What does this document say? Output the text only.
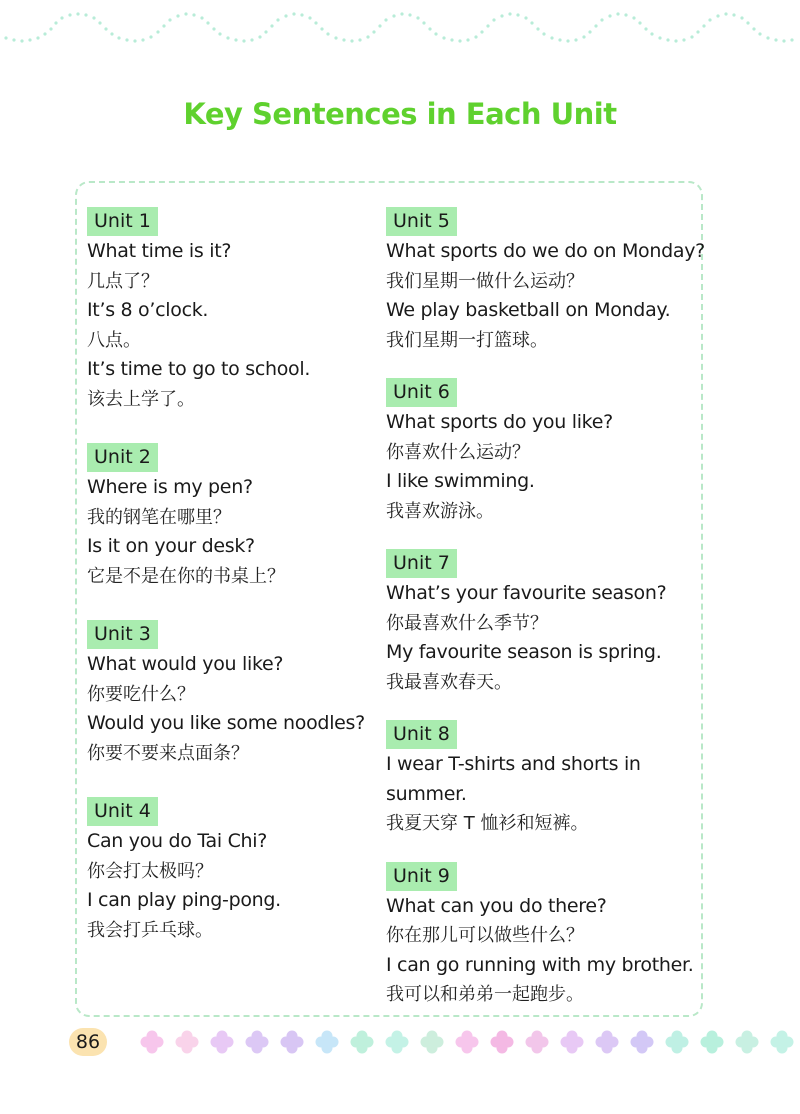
Key Sentences in Each Unit
Unit 1
What time is it?
几点了？
It’s 8 o’clock.
八点。
It’s time to go to school.
该去上学了。
Unit 2
Where is my pen?
我的钢笔在哪里？
Is it on your desk?
它是不是在你的书桌上？
Unit 3
What would you like?
你要吃什么？
Would you like some noodles?
你要不要来点面条？
Unit 4
Can you do Tai Chi?
你会打太极吗？
I can play ping-pong.
我会打乒乓球。
Unit 5
What sports do we do on Monday?
我们星期一做什么运动？
We play basketball on Monday.
我们星期一打篮球。
Unit 6
What sports do you like?
你喜欢什么运动？
I like swimming.
我喜欢游泳。
Unit 7
What’s your favourite season?
你最喜欢什么季节？
My favourite season is spring.
我最喜欢春天。
Unit 8
I wear T-shirts and shorts in
summer.
我夏天穿 T 恤衫和短裤。
Unit 9
What can you do there?
你在那儿可以做些什么？
I can go running with my brother.
我可以和弟弟一起跑步。
86
